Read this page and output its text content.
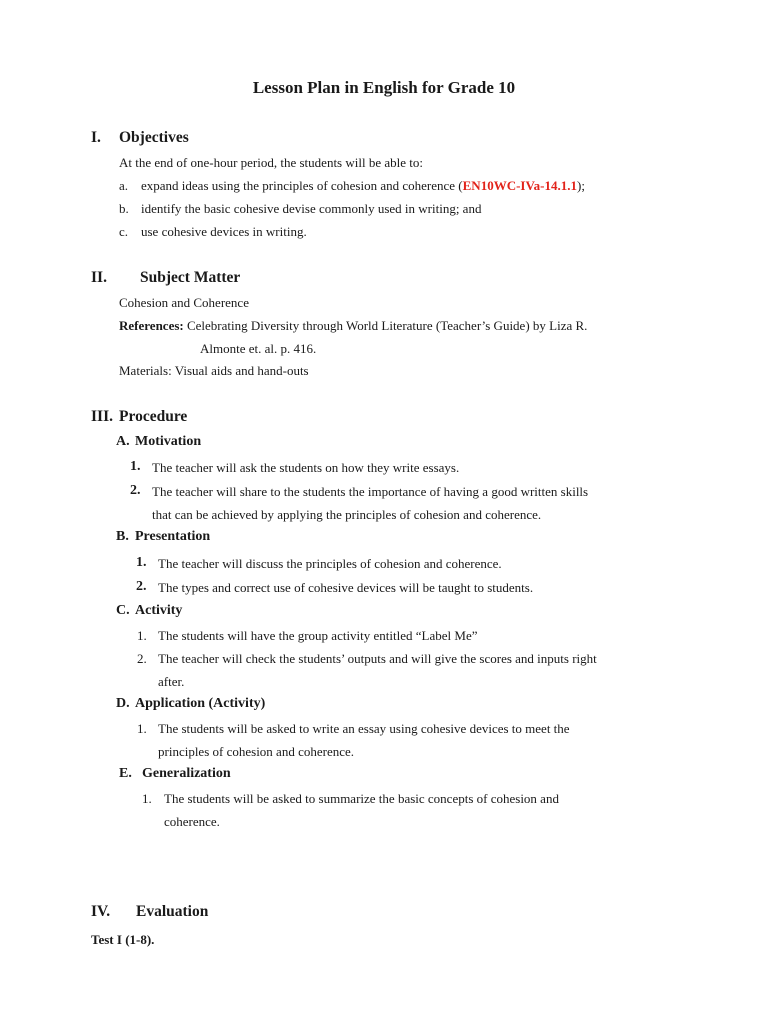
Lesson Plan in English for Grade 10
I. Objectives
At the end of one-hour period, the students will be able to:
a. expand ideas using the principles of cohesion and coherence (EN10WC-IVa-14.1.1);
b. identify the basic cohesive devise commonly used in writing; and
c. use cohesive devices in writing.
II. Subject Matter
Cohesion and Coherence
References: Celebrating Diversity through World Literature (Teacher’s Guide) by Liza R.
Almonte et. al. p. 416.
Materials: Visual aids and hand-outs
III. Procedure
A. Motivation
1. The teacher will ask the students on how they write essays.
2. The teacher will share to the students the importance of having a good written skills
that can be achieved by applying the principles of cohesion and coherence.
B. Presentation
1. The teacher will discuss the principles of cohesion and coherence.
2. The types and correct use of cohesive devices will be taught to students.
C. Activity
1. The students will have the group activity entitled “Label Me”
2. The teacher will check the students’ outputs and will give the scores and inputs right
after.
D. Application (Activity)
1. The students will be asked to write an essay using cohesive devices to meet the
principles of cohesion and coherence.
E. Generalization
1. The students will be asked to summarize the basic concepts of cohesion and
coherence.
IV. Evaluation
Test I (1-8).
